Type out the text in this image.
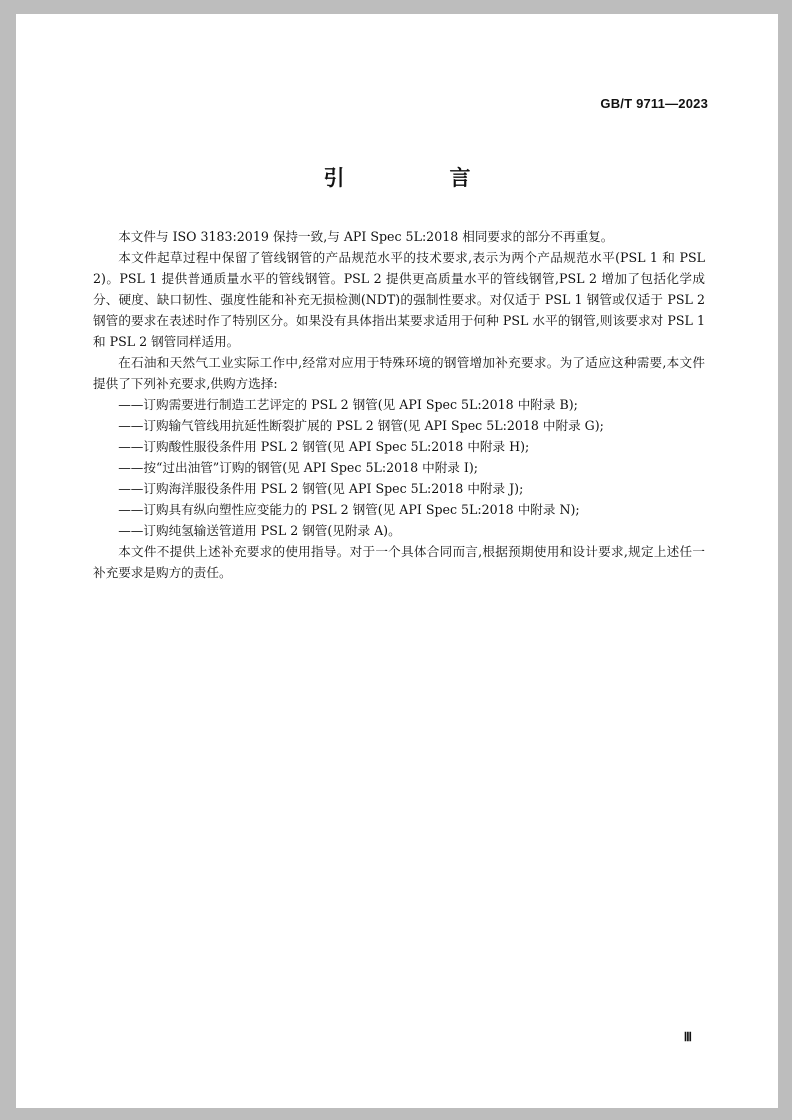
GB/T 9711—2023
引　言

本文件与 ISO 3183:2019 保持一致,与 API Spec 5L:2018 相同要求的部分不再重复。

本文件起草过程中保留了管线钢管的产品规范水平的技术要求,表示为两个产品规范水平(PSL 1 和 PSL 2)。PSL 1 提供普通质量水平的管线钢管。PSL 2 提供更高质量水平的管线钢管,PSL 2 增加了包括化学成分、硬度、缺口韧性、强度性能和补充无损检测(NDT)的强制性要求。对仅适于 PSL 1 钢管或仅适于 PSL 2 钢管的要求在表述时作了特别区分。如果没有具体指出某要求适用于何种 PSL 水平的钢管,则该要求对 PSL 1 和 PSL 2 钢管同样适用。

在石油和天然气工业实际工作中,经常对应用于特殊环境的钢管增加补充要求。为了适应这种需要,本文件提供了下列补充要求,供购方选择:

——订购需要进行制造工艺评定的 PSL 2 钢管(见 API Spec 5L:2018 中附录 B);
——订购输气管线用抗延性断裂扩展的 PSL 2 钢管(见 API Spec 5L:2018 中附录 G);
——订购酸性服役条件用 PSL 2 钢管(见 API Spec 5L:2018 中附录 H);
——按“过出油管”订购的钢管(见 API Spec 5L:2018 中附录 I);
——订购海洋服役条件用 PSL 2 钢管(见 API Spec 5L:2018 中附录 J);
——订购具有纵向塑性应变能力的 PSL 2 钢管(见 API Spec 5L:2018 中附录 N);
——订购纯氢输送管道用 PSL 2 钢管(见附录 A)。

本文件不提供上述补充要求的使用指导。对于一个具体合同而言,根据预期使用和设计要求,规定上述任一补充要求是购方的责任。

Ⅲ
